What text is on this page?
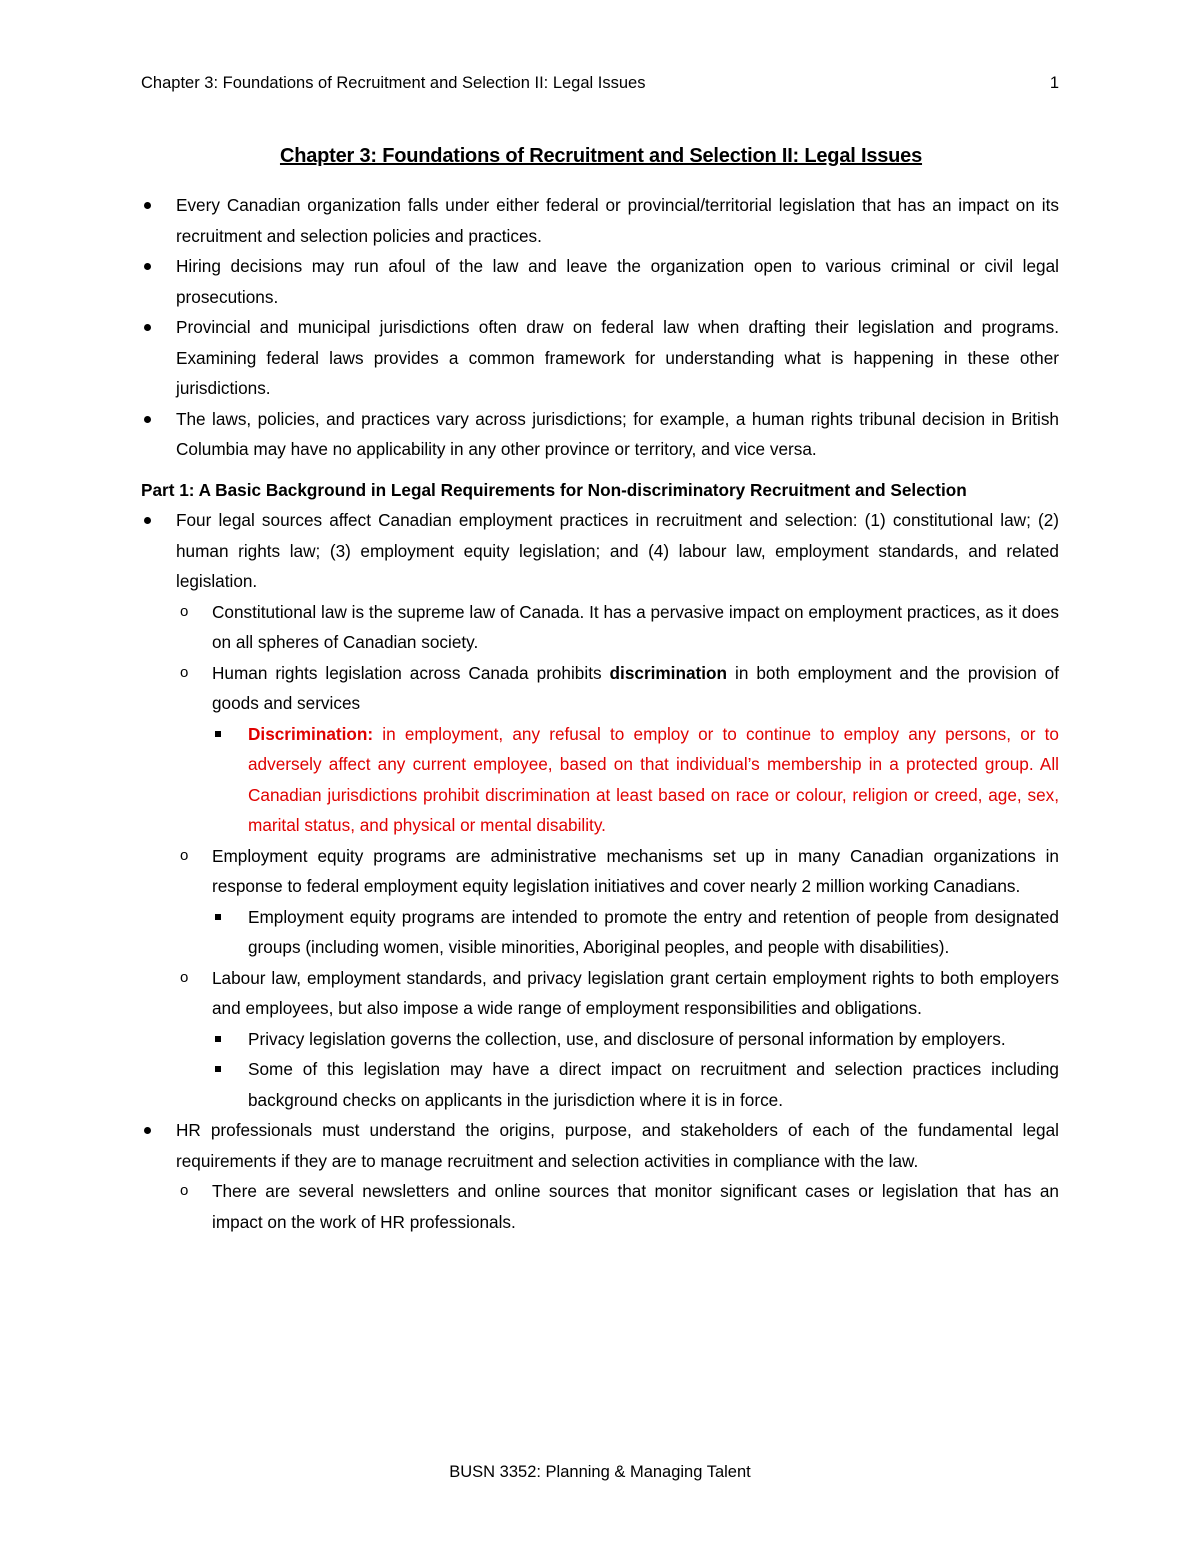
Chapter 3: Foundations of Recruitment and Selection II: Legal Issues	1
Chapter 3: Foundations of Recruitment and Selection II: Legal Issues
Every Canadian organization falls under either federal or provincial/territorial legislation that has an impact on its recruitment and selection policies and practices.
Hiring decisions may run afoul of the law and leave the organization open to various criminal or civil legal prosecutions.
Provincial and municipal jurisdictions often draw on federal law when drafting their legislation and programs. Examining federal laws provides a common framework for understanding what is happening in these other jurisdictions.
The laws, policies, and practices vary across jurisdictions; for example, a human rights tribunal decision in British Columbia may have no applicability in any other province or territory, and vice versa.
Part 1: A Basic Background in Legal Requirements for Non-discriminatory Recruitment and Selection
Four legal sources affect Canadian employment practices in recruitment and selection: (1) constitutional law; (2) human rights law; (3) employment equity legislation; and (4) labour law, employment standards, and related legislation.
o Constitutional law is the supreme law of Canada. It has a pervasive impact on employment practices, as it does on all spheres of Canadian society.
o Human rights legislation across Canada prohibits discrimination in both employment and the provision of goods and services
Discrimination: in employment, any refusal to employ or to continue to employ any persons, or to adversely affect any current employee, based on that individual’s membership in a protected group. All Canadian jurisdictions prohibit discrimination at least based on race or colour, religion or creed, age, sex, marital status, and physical or mental disability.
o Employment equity programs are administrative mechanisms set up in many Canadian organizations in response to federal employment equity legislation initiatives and cover nearly 2 million working Canadians.
Employment equity programs are intended to promote the entry and retention of people from designated groups (including women, visible minorities, Aboriginal peoples, and people with disabilities).
o Labour law, employment standards, and privacy legislation grant certain employment rights to both employers and employees, but also impose a wide range of employment responsibilities and obligations.
Privacy legislation governs the collection, use, and disclosure of personal information by employers.
Some of this legislation may have a direct impact on recruitment and selection practices including background checks on applicants in the jurisdiction where it is in force.
HR professionals must understand the origins, purpose, and stakeholders of each of the fundamental legal requirements if they are to manage recruitment and selection activities in compliance with the law.
o There are several newsletters and online sources that monitor significant cases or legislation that has an impact on the work of HR professionals.
BUSN 3352: Planning & Managing Talent
